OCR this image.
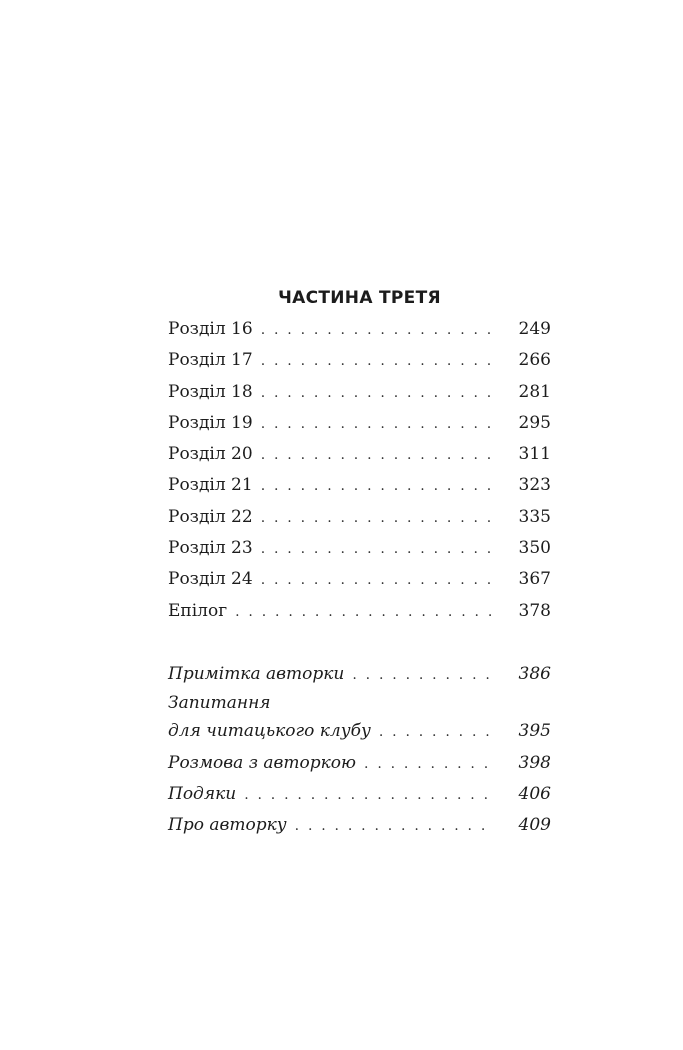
ЧАСТИНА ТРЕТЯ
Розділ 16 . . .	249
Розділ 17 . . .	266
Розділ 18 . . .	281
Розділ 19 . . .	295
Розділ 20 . . .	311
Розділ 21 . . .	323
Розділ 22 . . .	335
Розділ 23 . . .	350
Розділ 24 . . .	367
Епілог . . .	378
Примітка авторки . . .	386
Запитання
для читацького клубу . . .	395
Розмова з авторкою . . .	398
Подяки . . .	406
Про авторку . . .	409
